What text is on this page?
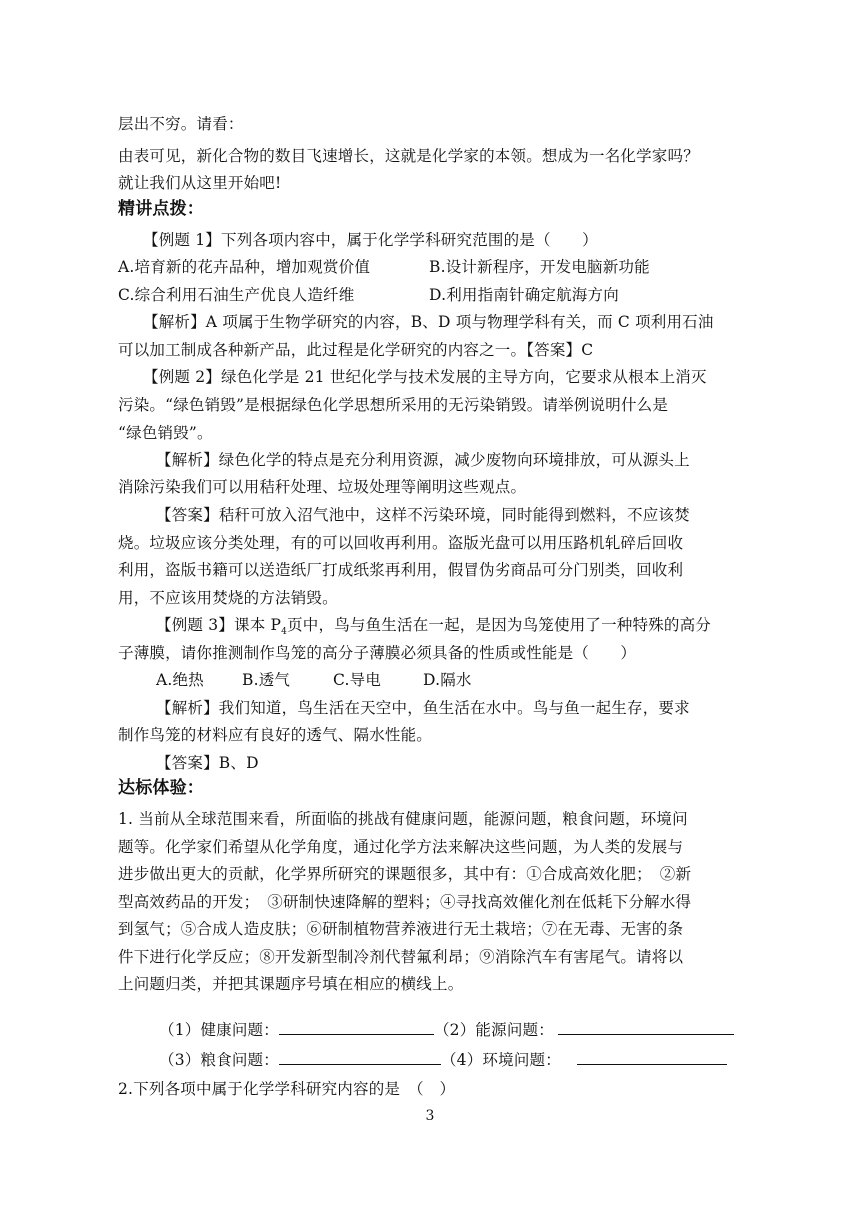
层出不穷。请看：
由表可见，新化合物的数目飞速增长，这就是化学家的本领。想成为一名化学家吗？
就让我们从这里开始吧!
精讲点拨：
【例题 1】下列各项内容中，属于化学学科研究范围的是（　　）
A.培育新的花卉品种，增加观赏价值	B.设计新程序，开发电脑新功能
C.综合利用石油生产优良人造纤维	D.利用指南针确定航海方向
【解析】A 项属于生物学研究的内容，B、D 项与物理学科有关，而 C 项利用石油
可以加工制成各种新产品，此过程是化学研究的内容之一。【答案】C
【例题 2】绿色化学是 21 世纪化学与技术发展的主导方向，它要求从根本上消灭
污染。“绿色销毁”是根据绿色化学思想所采用的无污染销毁。请举例说明什么是
“绿色销毁”。
【解析】绿色化学的特点是充分利用资源，减少废物向环境排放，可从源头上
消除污染我们可以用秸秆处理、垃圾处理等阐明这些观点。
【答案】秸秆可放入沼气池中，这样不污染环境，同时能得到燃料，不应该焚
烧。垃圾应该分类处理，有的可以回收再利用。盗版光盘可以用压路机轧碎后回收
利用，盗版书籍可以送造纸厂打成纸浆再利用，假冒伪劣商品可分门别类，回收利
用，不应该用焚烧的方法销毁。
【例题 3】课本 $P_4$页中，鸟与鱼生活在一起，是因为鸟笼使用了一种特殊的高分
子薄膜，请你推测制作鸟笼的高分子薄膜必须具备的性质或性能是（　　）
A.绝热 B.透气	C.导电	D.隔水
【解析】我们知道，鸟生活在天空中，鱼生活在水中。鸟与鱼一起生存，要求
制作鸟笼的材料应有良好的透气、隔水性能。
【答案】B、D
达标体验：
1. 当前从全球范围来看，所面临的挑战有健康问题，能源问题，粮食问题，环境问
题等。化学家们希望从化学角度，通过化学方法来解决这些问题，为人类的发展与
进步做出更大的贡献，化学界所研究的课题很多，其中有：①合成高效化肥；　②新
型高效药品的开发；　③研制快速降解的塑料；④寻找高效催化剂在低耗下分解水得
到氢气；⑤合成人造皮肤；⑥研制植物营养液进行无土栽培；⑦在无毒、无害的条
件下进行化学反应；⑧开发新型制冷剂代替氟利昂；⑨消除汽车有害尾气。请将以
上问题归类，并把其课题序号填在相应的横线上。
（1）健康问题：	（2）能源问题：
（3）粮食问题：	（4）环境问题：
2.下列各项中属于化学学科研究内容的是　（　）
3
